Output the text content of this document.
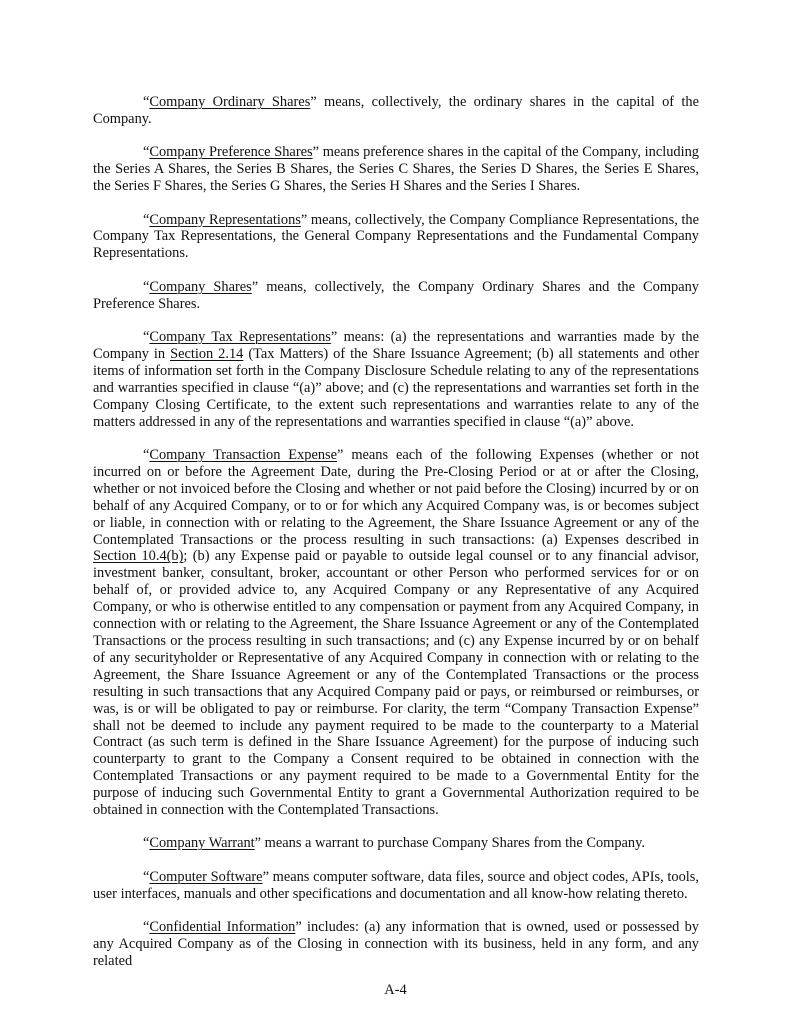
“Company Ordinary Shares” means, collectively, the ordinary shares in the capital of the Company.

“Company Preference Shares” means preference shares in the capital of the Company, including the Series A Shares, the Series B Shares, the Series C Shares, the Series D Shares, the Series E Shares, the Series F Shares, the Series G Shares, the Series H Shares and the Series I Shares.

“Company Representations” means, collectively, the Company Compliance Representations, the Company Tax Representations, the General Company Representations and the Fundamental Company Representations.

“Company Shares” means, collectively, the Company Ordinary Shares and the Company Preference Shares.

“Company Tax Representations” means: (a) the representations and warranties made by the Company in Section 2.14 (Tax Matters) of the Share Issuance Agreement; (b) all statements and other items of information set forth in the Company Disclosure Schedule relating to any of the representations and warranties specified in clause “(a)” above; and (c) the representations and warranties set forth in the Company Closing Certificate, to the extent such representations and warranties relate to any of the matters addressed in any of the representations and warranties specified in clause “(a)” above.

“Company Transaction Expense” means each of the following Expenses (whether or not incurred on or before the Agreement Date, during the Pre-Closing Period or at or after the Closing, whether or not invoiced before the Closing and whether or not paid before the Closing) incurred by or on behalf of any Acquired Company, or to or for which any Acquired Company was, is or becomes subject or liable, in connection with or relating to the Agreement, the Share Issuance Agreement or any of the Contemplated Transactions or the process resulting in such transactions: (a) Expenses described in Section 10.4(b); (b) any Expense paid or payable to outside legal counsel or to any financial advisor, investment banker, consultant, broker, accountant or other Person who performed services for or on behalf of, or provided advice to, any Acquired Company or any Representative of any Acquired Company, or who is otherwise entitled to any compensation or payment from any Acquired Company, in connection with or relating to the Agreement, the Share Issuance Agreement or any of the Contemplated Transactions or the process resulting in such transactions; and (c) any Expense incurred by or on behalf of any securityholder or Representative of any Acquired Company in connection with or relating to the Agreement, the Share Issuance Agreement or any of the Contemplated Transactions or the process resulting in such transactions that any Acquired Company paid or pays, or reimbursed or reimburses, or was, is or will be obligated to pay or reimburse. For clarity, the term “Company Transaction Expense” shall not be deemed to include any payment required to be made to the counterparty to a Material Contract (as such term is defined in the Share Issuance Agreement) for the purpose of inducing such counterparty to grant to the Company a Consent required to be obtained in connection with the Contemplated Transactions or any payment required to be made to a Governmental Entity for the purpose of inducing such Governmental Entity to grant a Governmental Authorization required to be obtained in connection with the Contemplated Transactions.

“Company Warrant” means a warrant to purchase Company Shares from the Company.

“Computer Software” means computer software, data files, source and object codes, APIs, tools, user interfaces, manuals and other specifications and documentation and all know-how relating thereto.

“Confidential Information” includes: (a) any information that is owned, used or possessed by any Acquired Company as of the Closing in connection with its business, held in any form, and any related

A-4
